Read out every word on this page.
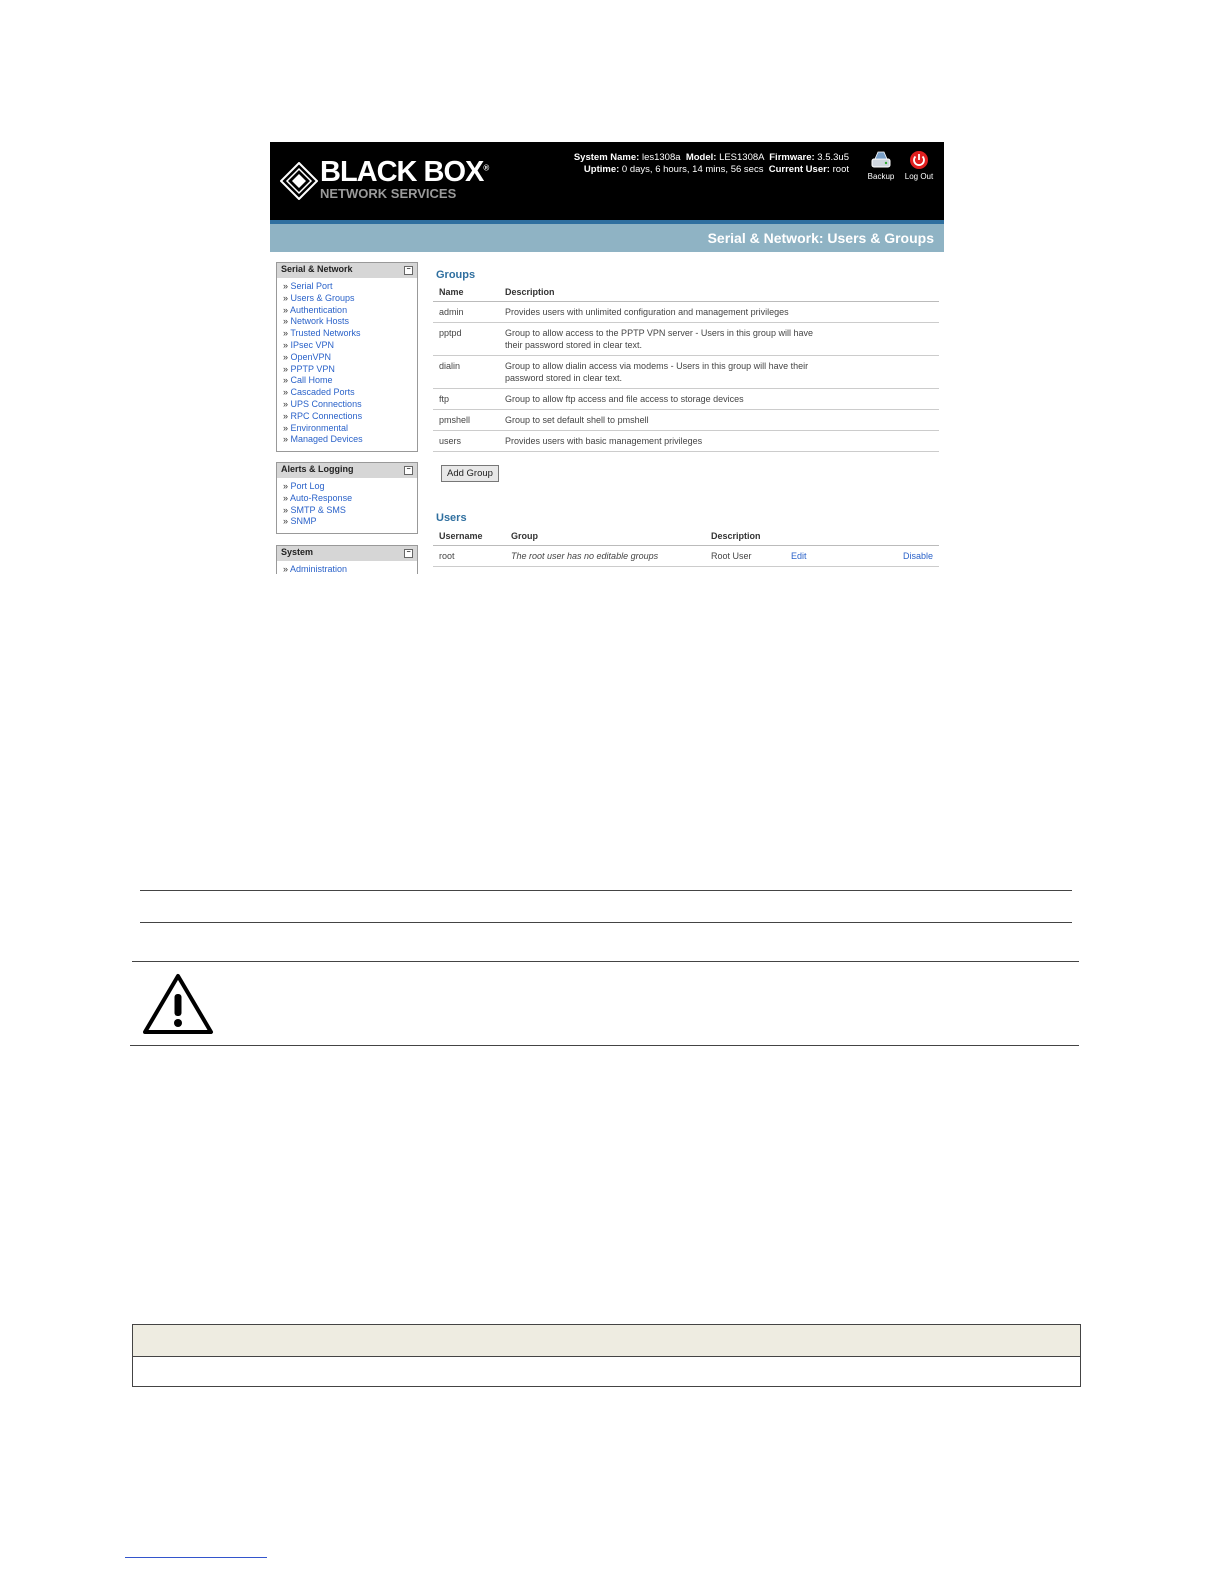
BLACK BOX®
NETWORK SERVICES
System Name: les1308a Model: LES1308A Firmware: 3.5.3u5
Uptime: 0 days, 6 hours, 14 mins, 56 secs Current User: root
Backup	Log Out
Serial & Network: Users & Groups
Serial & Network	−
» Serial Port
» Users & Groups
» Authentication
» Network Hosts
» Trusted Networks
» IPsec VPN
» OpenVPN
» PPTP VPN
» Call Home
» Cascaded Ports
» UPS Connections
» RPC Connections
» Environmental
» Managed Devices
Alerts & Logging	−
» Port Log
» Auto-Response
» SMTP & SMS
» SNMP
System	−
» Administration
Groups
Name	Description
admin	Provides users with unlimited configuration and management privileges
pptpd	Group to allow access to the PPTP VPN server - Users in this group will have their password stored in clear text.
dialin	Group to allow dialin access via modems - Users in this group will have their password stored in clear text.
ftp	Group to allow ftp access and file access to storage devices
pmshell	Group to set default shell to pmshell
users	Provides users with basic management privileges
Add Group
Users
Username	Group	Description		
root	The root user has no editable groups	Root User	Edit	Disable
